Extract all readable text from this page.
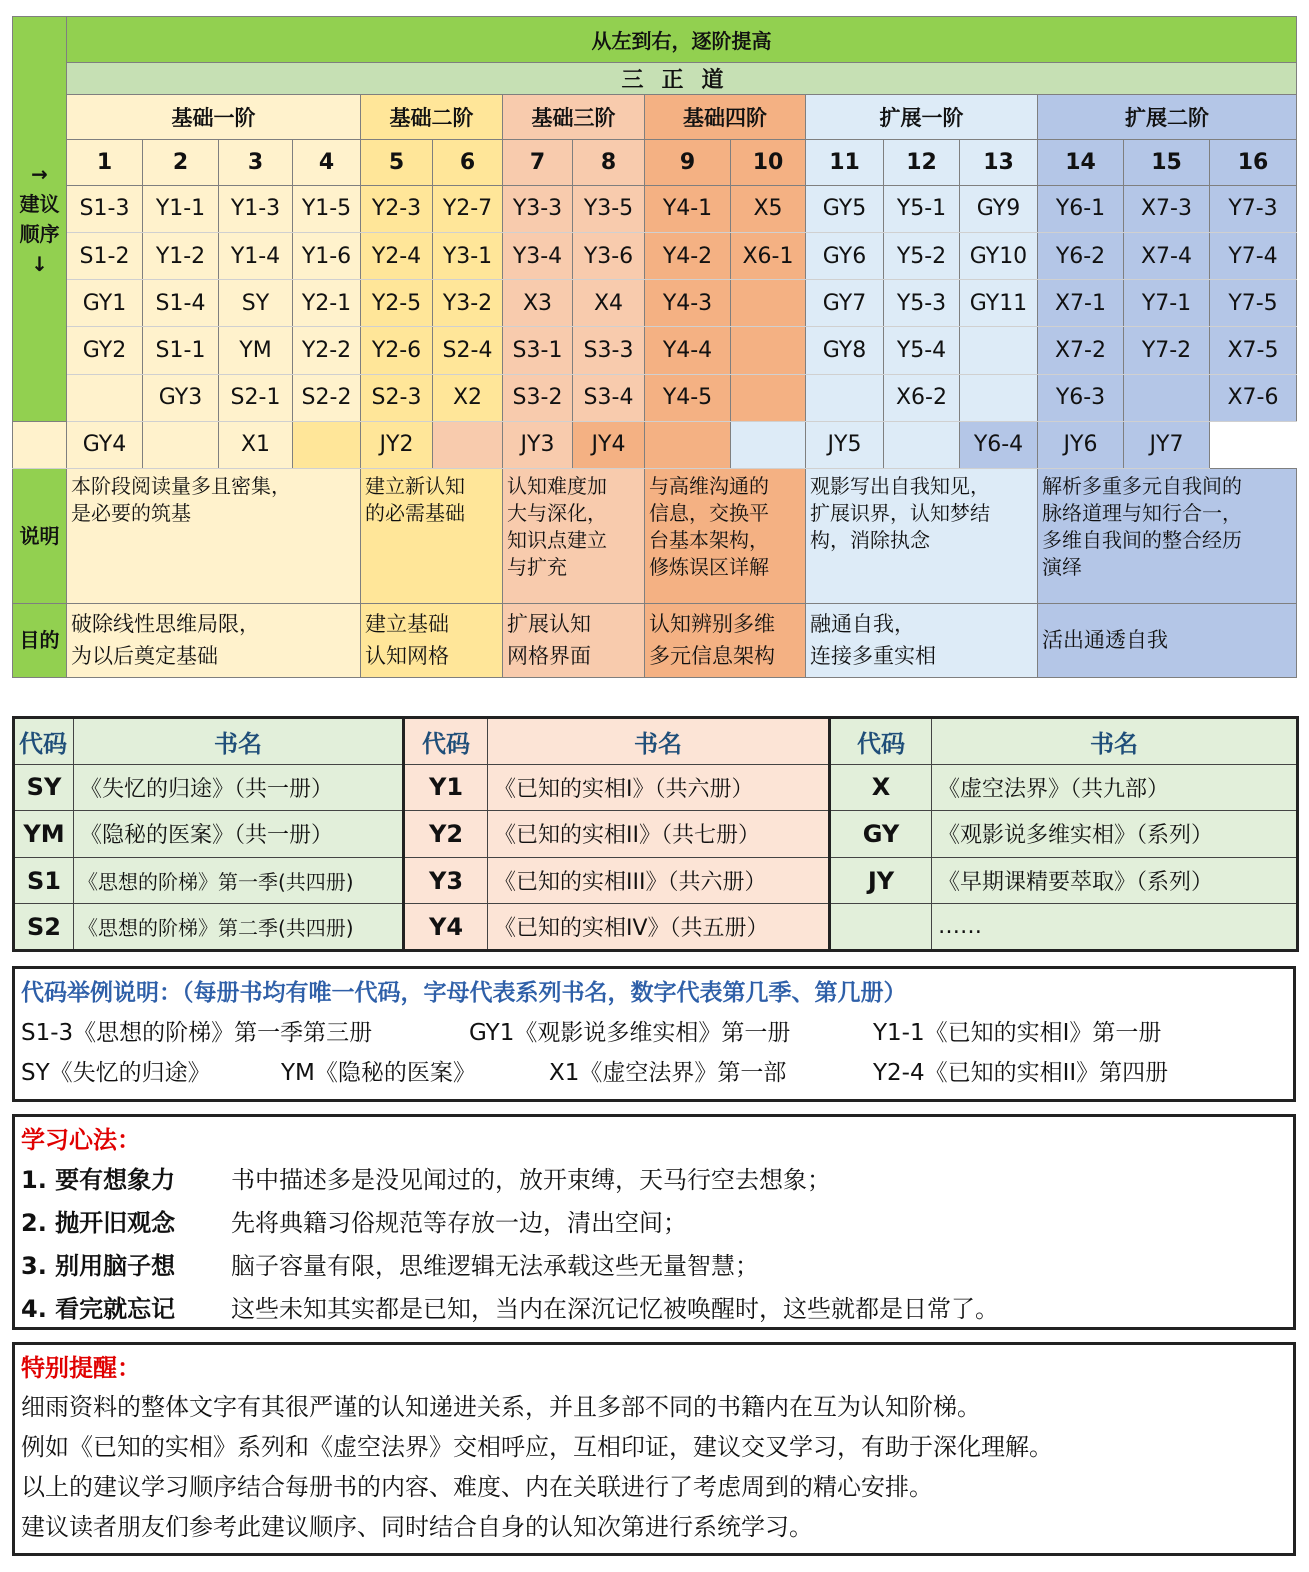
→
建议
顺序
↓	从左到右，逐阶提高															
	三正道															
	基础一阶				基础二阶		基础三阶		基础四阶		扩展一阶			扩展二阶		
	1	2	3	4	5	6	7	8	9	10	11	12	13	14	15	16
	S1-3	Y1-1	Y1-3	Y1-5	Y2-3	Y2-7	Y3-3	Y3-5	Y4-1	X5	GY5	Y5-1	GY9	Y6-1	X7-3	Y7-3
	S1-2	Y1-2	Y1-4	Y1-6	Y2-4	Y3-1	Y3-4	Y3-6	Y4-2	X6-1	GY6	Y5-2	GY10	Y6-2	X7-4	Y7-4
	GY1	S1-4	SY	Y2-1	Y2-5	Y3-2	X3	X4	Y4-3		GY7	Y5-3	GY11	X7-1	Y7-1	Y7-5
	GY2	S1-1	YM	Y2-2	Y2-6	S2-4	S3-1	S3-3	Y4-4		GY8	Y5-4		X7-2	Y7-2	X7-5
		GY3	S2-1	S2-2	S2-3	X2	S3-2	S3-4	Y4-5			X6-2		Y6-3		X7-6
	GY4		X1		JY2		JY3	JY4			JY5		Y6-4	JY6	JY7	
说明	本阶段阅读量多且密集，
是必要的筑基				建立新认知
的必需基础		认知难度加
大与深化，
知识点建立
与扩充		与高维沟通的
信息，交换平
台基本架构，
修炼误区详解		观影写出自我知见，
扩展识界，认知梦结
构，消除执念			解析多重多元自我间的
脉络道理与知行合一，
多维自我间的整合经历
演绎		
目的	破除线性思维局限，
为以后奠定基础				建立基础
认知网格		扩展认知
网格界面		认知辨别多维
多元信息架构		融通自我，
连接多重实相			活出通透自我		
代码	书名	代码	书名	代码	书名
SY	《失忆的归途》（共一册）	Y1	《已知的实相I》（共六册）	X	《虚空法界》（共九部）
YM	《隐秘的医案》（共一册）	Y2	《已知的实相II》（共七册）	GY	《观影说多维实相》（系列）
S1	《思想的阶梯》第一季(共四册)	Y3	《已知的实相III》（共六册）	JY	《早期课精要萃取》（系列）
S2	《思想的阶梯》第二季(共四册)	Y4	《已知的实相IV》（共五册）		……
代码举例说明：（每册书均有唯一代码，字母代表系列书名，数字代表第几季、第几册）
S1-3《思想的阶梯》第一季第三册	GY1《观影说多维实相》第一册	Y1-1《已知的实相I》第一册
SY《失忆的归途》	YM《隐秘的医案》	X1《虚空法界》第一部	Y2-4《已知的实相II》第四册
学习心法：
1. 要有想象力 书中描述多是没见闻过的，放开束缚，天马行空去想象；
2. 抛开旧观念 先将典籍习俗规范等存放一边，清出空间；
3. 别用脑子想 脑子容量有限，思维逻辑无法承载这些无量智慧；
4. 看完就忘记 这些未知其实都是已知，当内在深沉记忆被唤醒时，这些就都是日常了。
特别提醒：
细雨资料的整体文字有其很严谨的认知递进关系，并且多部不同的书籍内在互为认知阶梯。
例如《已知的实相》系列和《虚空法界》交相呼应，互相印证，建议交叉学习，有助于深化理解。
以上的建议学习顺序结合每册书的内容、难度、内在关联进行了考虑周到的精心安排。
建议读者朋友们参考此建议顺序、同时结合自身的认知次第进行系统学习。
